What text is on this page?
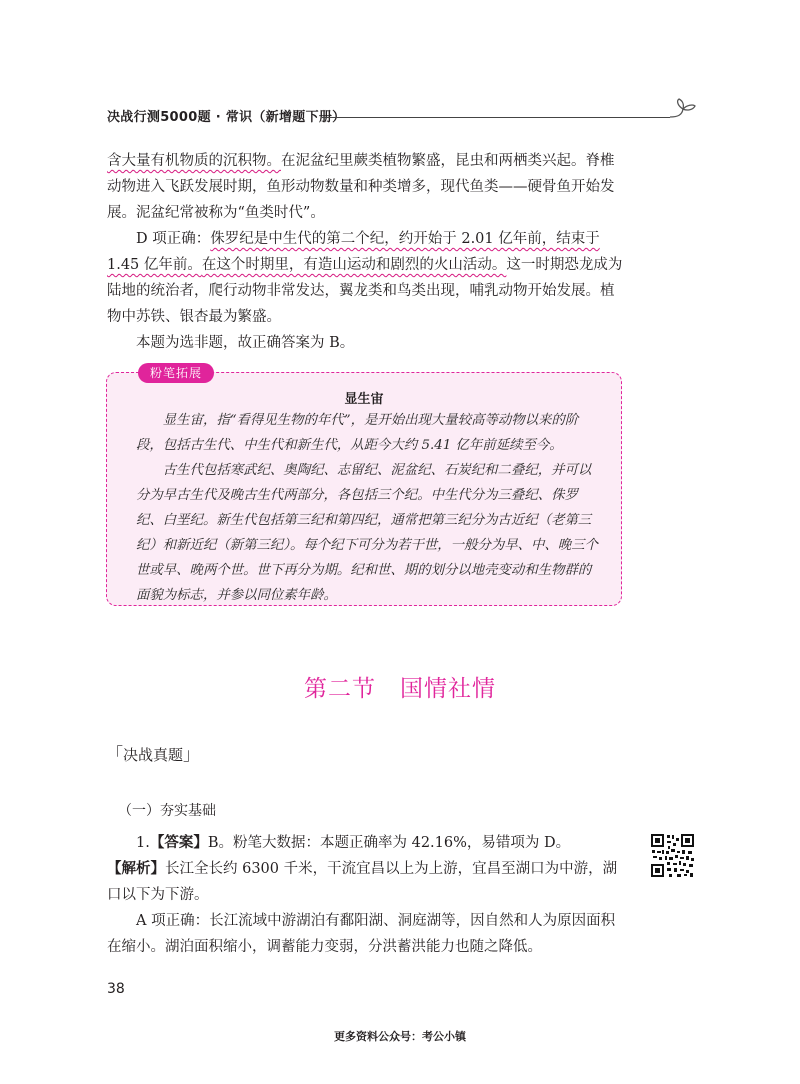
决战行测5000题 · 常识（新增题下册）

含大量有机物质的沉积物。在泥盆纪里蕨类植物繁盛，昆虫和两栖类兴起。脊椎动物进入飞跃发展时期，鱼形动物数量和种类增多，现代鱼类——硬骨鱼开始发展。泥盆纪常被称为“鱼类时代”。

D 项正确：侏罗纪是中生代的第二个纪，约开始于 2.01 亿年前，结束于 1.45 亿年前。在这个时期里，有造山运动和剧烈的火山活动。这一时期恐龙成为陆地的统治者，爬行动物非常发达，翼龙类和鸟类出现，哺乳动物开始发展。植物中苏铁、银杏最为繁盛。

本题为选非题，故正确答案为 B。

粉笔拓展
显生宙

显生宙，指“看得见生物的年代”，是开始出现大量较高等动物以来的阶段，包括古生代、中生代和新生代，从距今大约 5.41 亿年前延续至今。

古生代包括寒武纪、奥陶纪、志留纪、泥盆纪、石炭纪和二叠纪，并可以分为早古生代及晚古生代两部分，各包括三个纪。中生代分为三叠纪、侏罗纪、白垩纪。新生代包括第三纪和第四纪，通常把第三纪分为古近纪（老第三纪）和新近纪（新第三纪）。每个纪下可分为若干世，一般分为早、中、晚三个世或早、晚两个世。世下再分为期。纪和世、期的划分以地壳变动和生物群的面貌为标志，并参以同位素年龄。

第二节　国情社情
「决战真题」
（一）夯实基础

1.【答案】B。粉笔大数据：本题正确率为 42.16%，易错项为 D。

【解析】长江全长约 6300 千米，干流宜昌以上为上游，宜昌至湖口为中游，湖口以下为下游。

A 项正确：长江流域中游湖泊有鄱阳湖、洞庭湖等，因自然和人为原因面积在缩小。湖泊面积缩小，调蓄能力变弱，分洪蓄洪能力也随之降低。

38
更多资料公众号：考公小镇
